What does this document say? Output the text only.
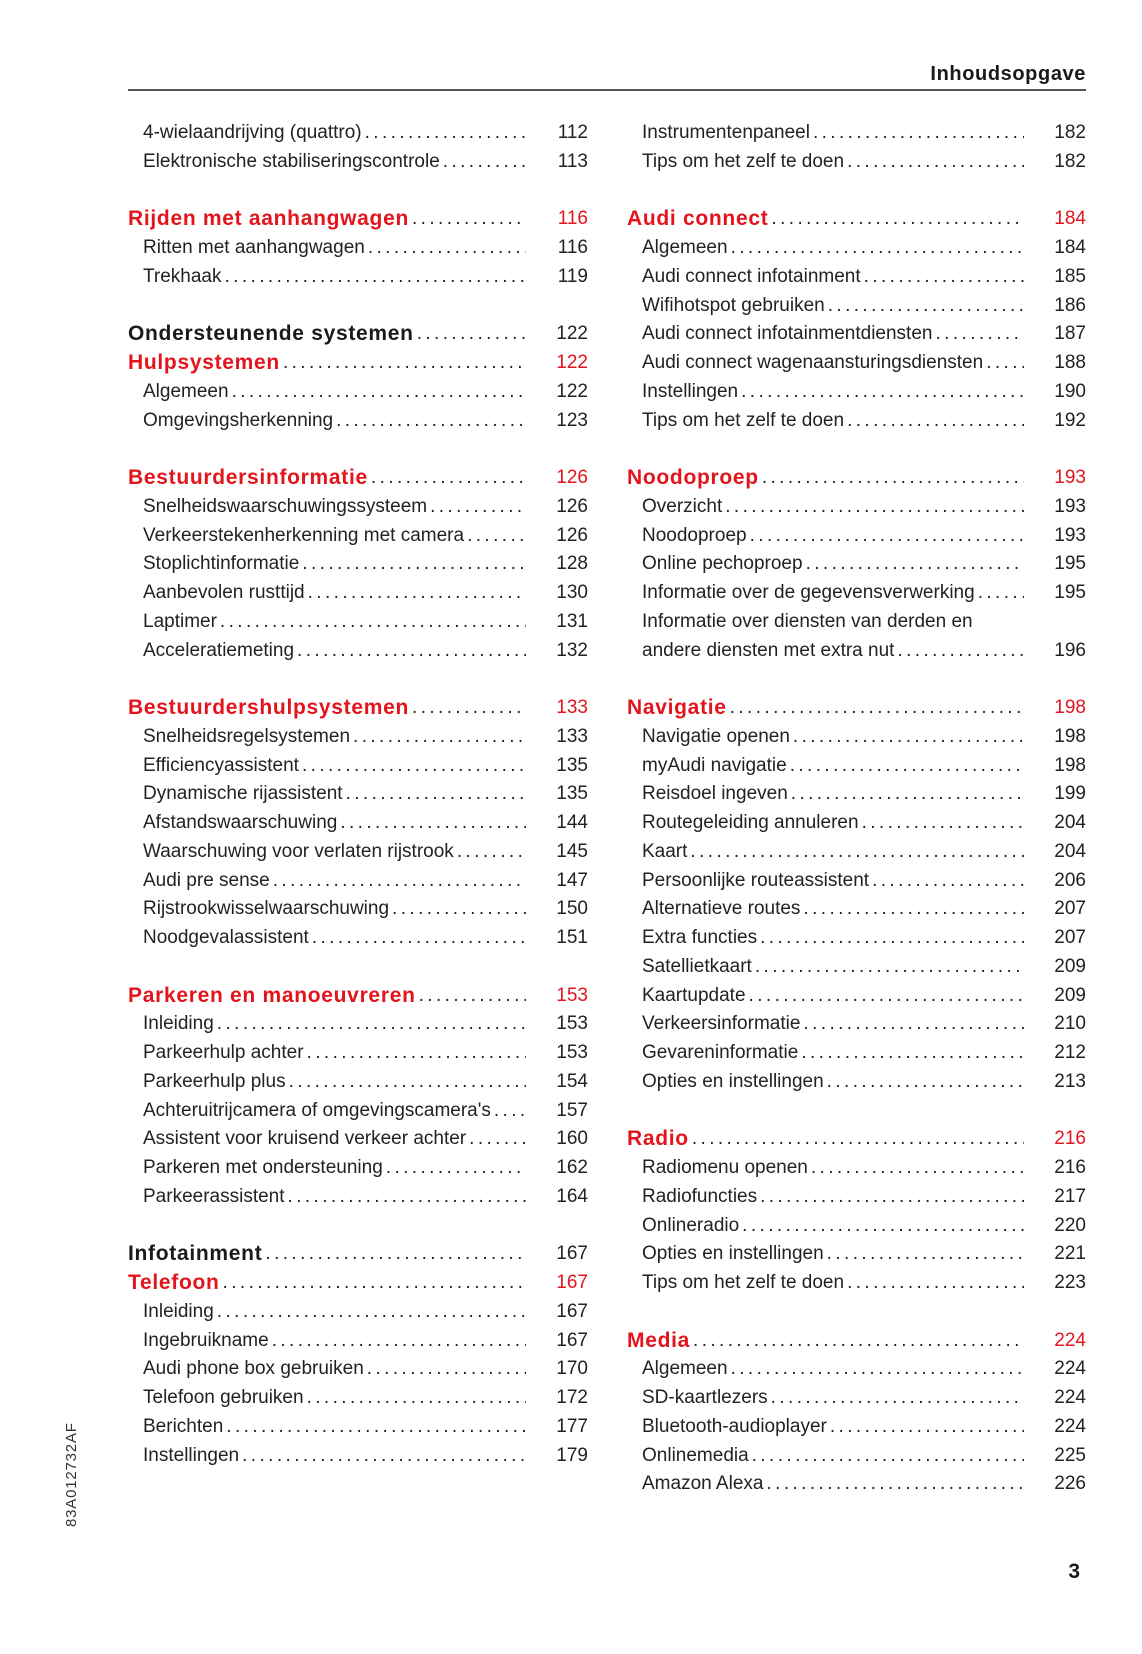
Inhoudsopgave
4-wielaandrijving (quattro) .....	112
Elektronische stabiliseringscontrole .....	113
Rijden met aanhangwagen .....	116
Ritten met aanhangwagen .....	116
Trekhaak .....	119
Ondersteunende systemen .....	122
Hulpsystemen .....	122
Algemeen .....	122
Omgevingsherkenning .....	123
Bestuurdersinformatie .....	126
Snelheidswaarschuwingssysteem .....	126
Verkeerstekenherkenning met camera .....	126
Stoplichtinformatie .....	128
Aanbevolen rusttijd .....	130
Laptimer .....	131
Acceleratiemeting .....	132
Bestuurdershulpsystemen .....	133
Snelheidsregelsystemen .....	133
Efficiencyassistent .....	135
Dynamische rijassistent .....	135
Afstandswaarschuwing .....	144
Waarschuwing voor verlaten rijstrook .....	145
Audi pre sense .....	147
Rijstrookwisselwaarschuwing .....	150
Noodgevalassistent .....	151
Parkeren en manoeuvreren .....	153
Inleiding .....	153
Parkeerhulp achter .....	153
Parkeerhulp plus .....	154
Achteruitrijcamera of omgevingscamera's .....	157
Assistent voor kruisend verkeer achter .....	160
Parkeren met ondersteuning .....	162
Parkeerassistent .....	164
Infotainment .....	167
Telefoon .....	167
Inleiding .....	167
Ingebruikname .....	167
Audi phone box gebruiken .....	170
Telefoon gebruiken .....	172
Berichten .....	177
Instellingen .....	179
Instrumentenpaneel .....	182
Tips om het zelf te doen .....	182
Audi connect .....	184
Algemeen .....	184
Audi connect infotainment .....	185
Wifihotspot gebruiken .....	186
Audi connect infotainmentdiensten .....	187
Audi connect wagenaansturingsdiensten .....	188
Instellingen .....	190
Tips om het zelf te doen .....	192
Noodoproep .....	193
Overzicht .....	193
Noodoproep .....	193
Online pechoproep .....	195
Informatie over de gegevensverwerking .....	195
Informatie over diensten van derden en
andere diensten met extra nut .....	196
Navigatie .....	198
Navigatie openen .....	198
myAudi navigatie .....	198
Reisdoel ingeven .....	199
Routegeleiding annuleren .....	204
Kaart .....	204
Persoonlijke routeassistent .....	206
Alternatieve routes .....	207
Extra functies .....	207
Satellietkaart .....	209
Kaartupdate .....	209
Verkeersinformatie .....	210
Gevareninformatie .....	212
Opties en instellingen .....	213
Radio .....	216
Radiomenu openen .....	216
Radiofuncties .....	217
Onlineradio .....	220
Opties en instellingen .....	221
Tips om het zelf te doen .....	223
Media .....	224
Algemeen .....	224
SD-kaartlezers .....	224
Bluetooth-audioplayer .....	224
Onlinemedia .....	225
Amazon Alexa .....	226
83A012732AF
3
